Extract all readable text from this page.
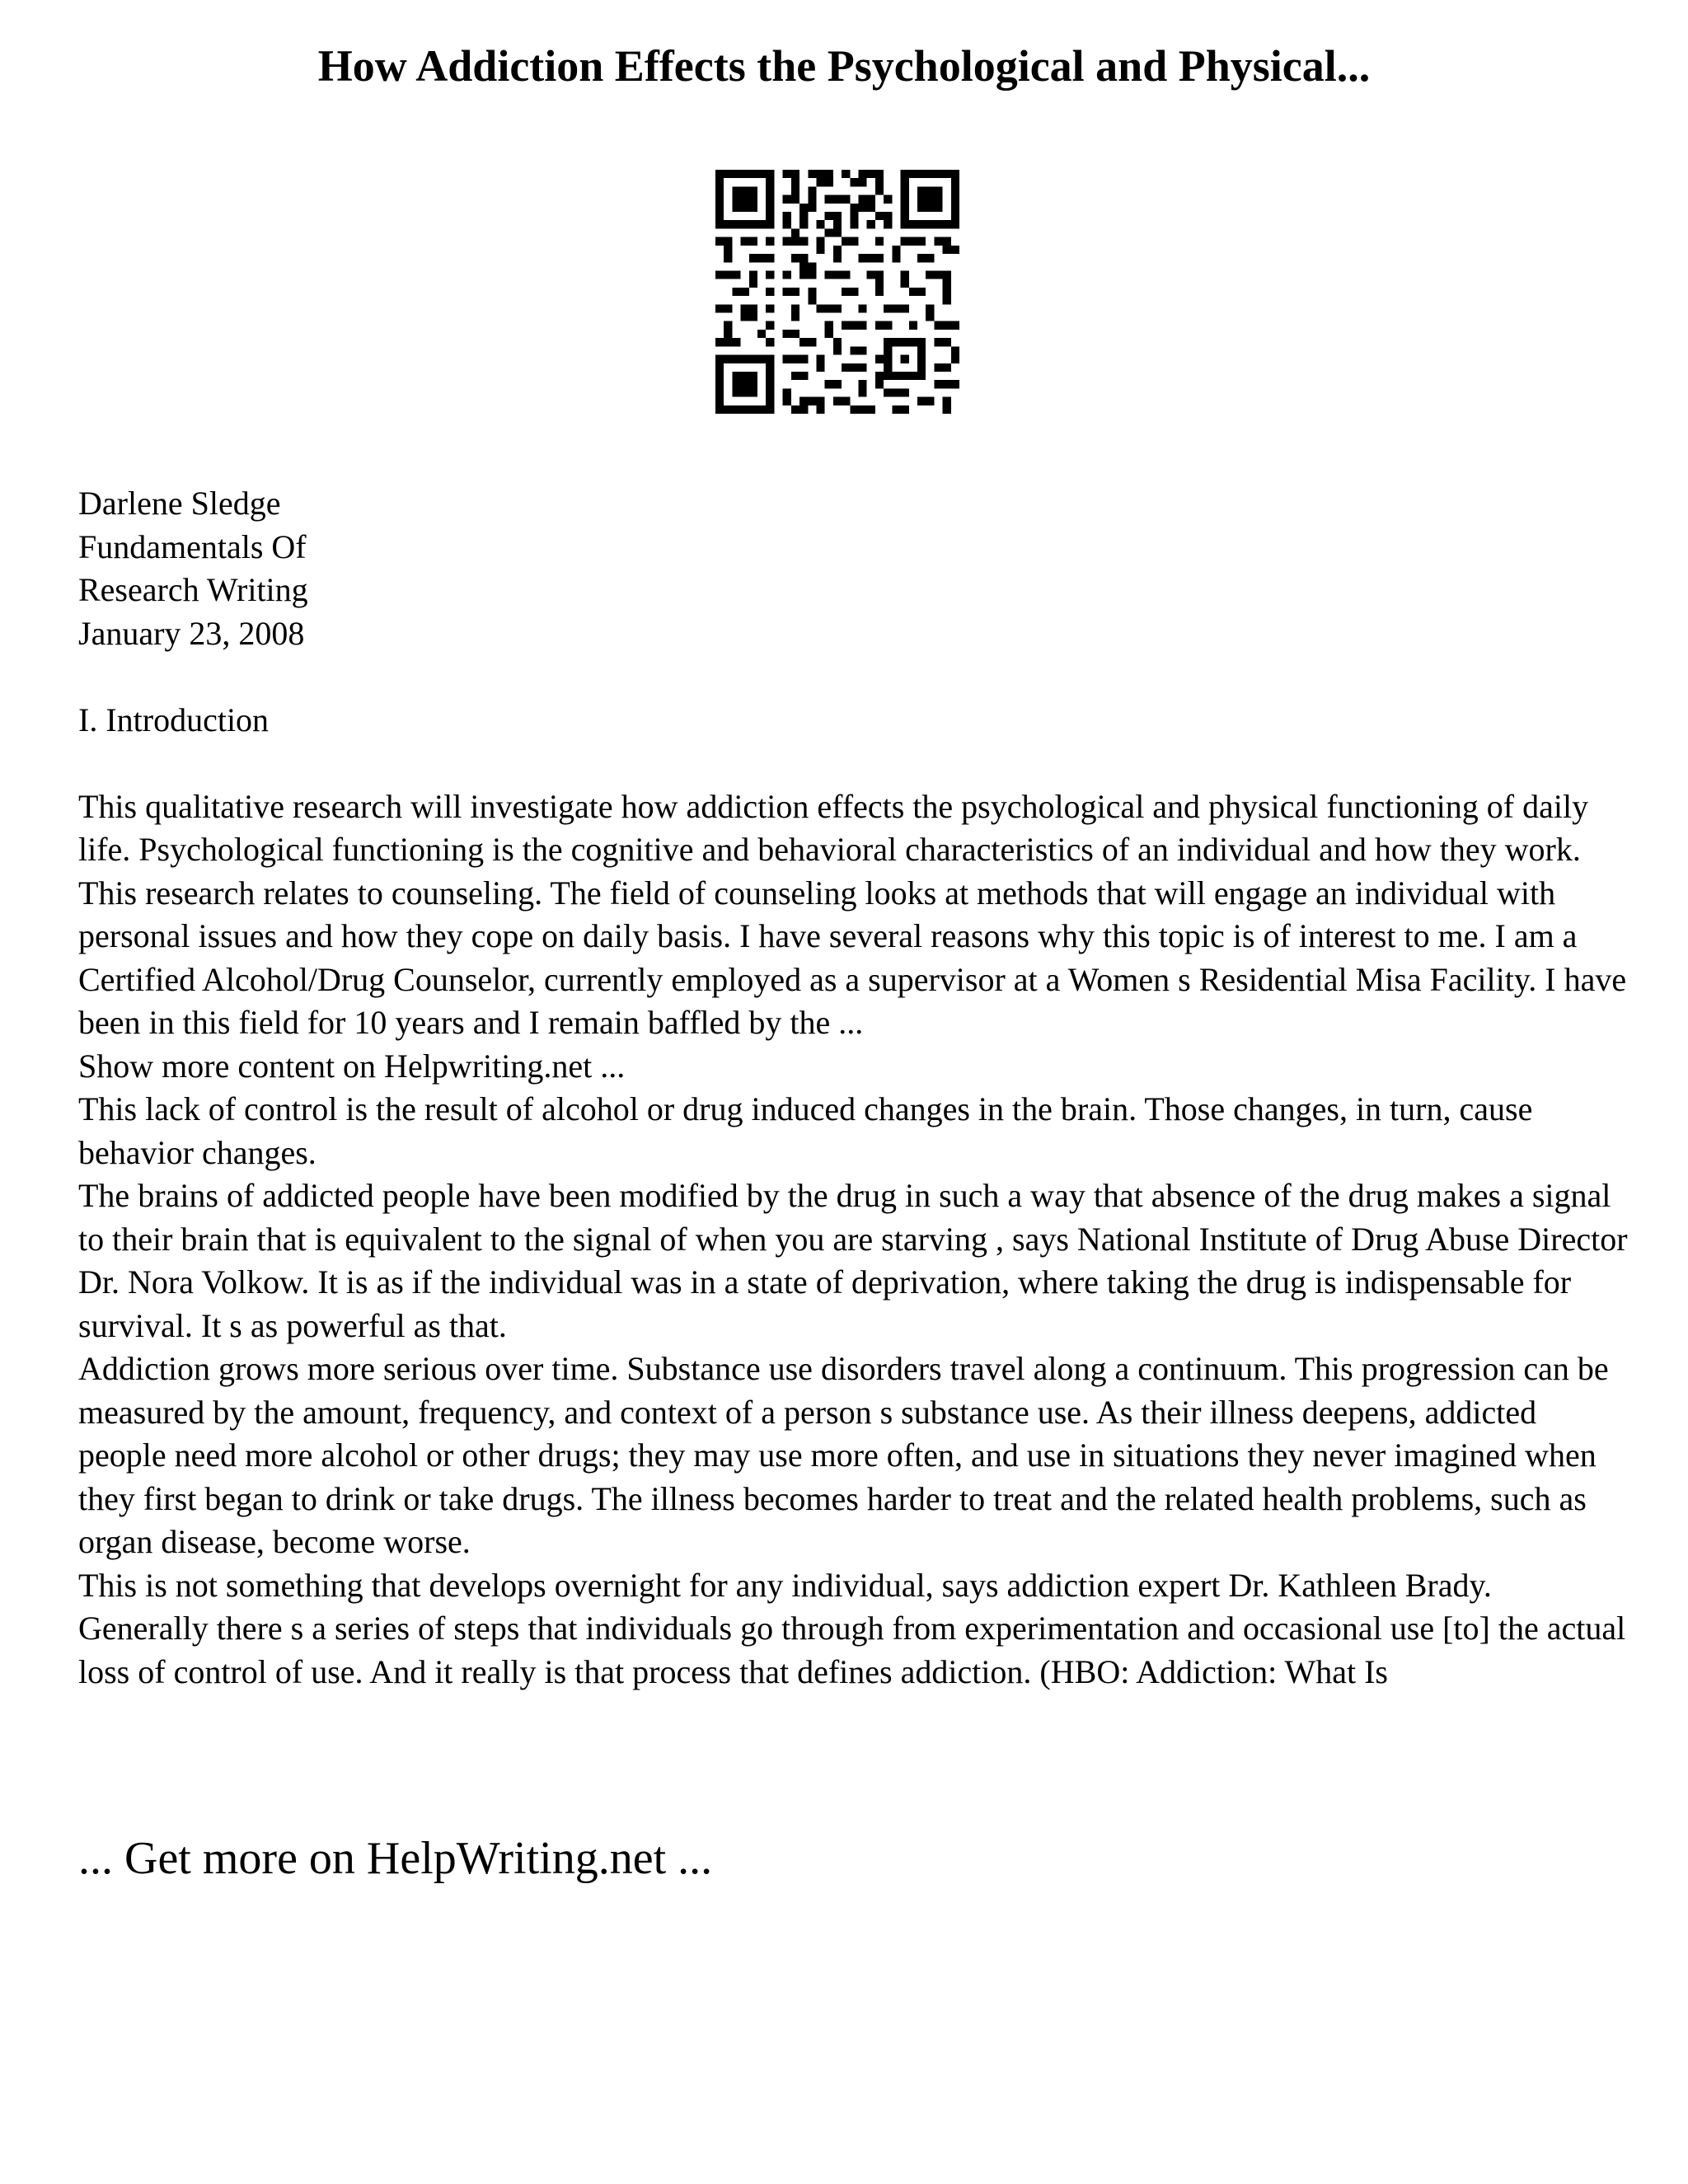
How Addiction Effects the Psychological and Physical...

Darlene Sledge

Fundamentals Of

Research Writing

January 23, 2008

I. Introduction

This qualitative research will investigate how addiction effects the psychological and physical functioning of daily life. Psychological functioning is the cognitive and behavioral characteristics of an individual and how they work.

This research relates to counseling. The field of counseling looks at methods that will engage an individual with personal issues and how they cope on daily basis. I have several reasons why this topic is of interest to me. I am a Certified Alcohol/Drug Counselor, currently employed as a supervisor at a Women s Residential Misa Facility. I have been in this field for 10 years and I remain baffled by the ...

Show more content on Helpwriting.net ...

This lack of control is the result of alcohol or drug induced changes in the brain. Those changes, in turn, cause behavior changes.

The brains of addicted people have been modified by the drug in such a way that absence of the drug makes a signal to their brain that is equivalent to the signal of when you are starving , says National Institute of Drug Abuse Director Dr. Nora Volkow. It is as if the individual was in a state of deprivation, where taking the drug is indispensable for survival. It s as powerful as that.

Addiction grows more serious over time. Substance use disorders travel along a continuum. This progression can be measured by the amount, frequency, and context of a person s substance use. As their illness deepens, addicted people need more alcohol or other drugs; they may use more often, and use in situations they never imagined when they first began to drink or take drugs. The illness becomes harder to treat and the related health problems, such as organ disease, become worse.

This is not something that develops overnight for any individual, says addiction expert Dr. Kathleen Brady. Generally there s a series of steps that individuals go through from experimentation and occasional use [to] the actual loss of control of use. And it really is that process that defines addiction. (HBO: Addiction: What Is

... Get more on HelpWriting.net ...
